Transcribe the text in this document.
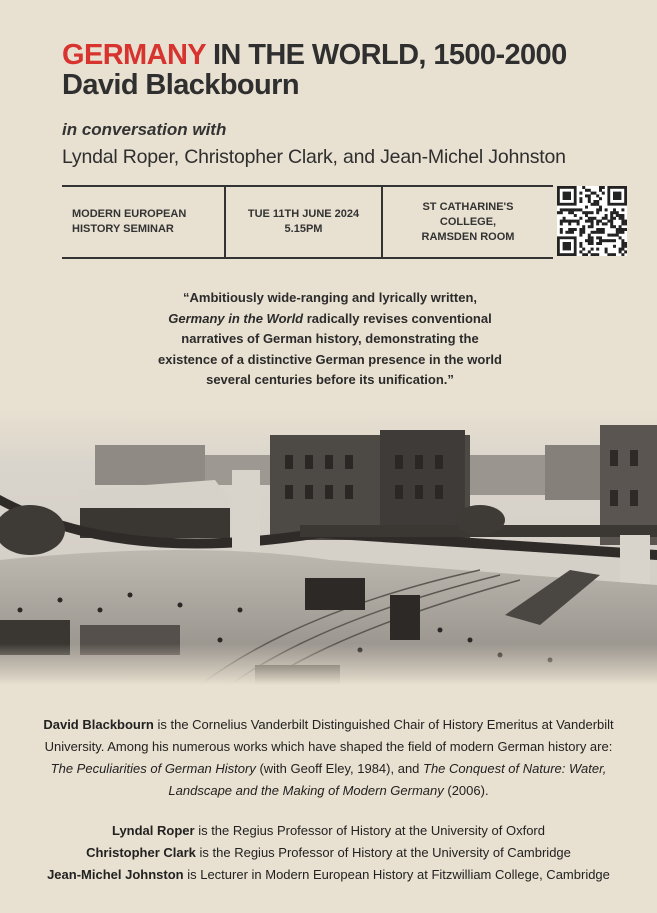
GERMANY IN THE WORLD, 1500-2000
David Blackbourn
in conversation with
Lyndal Roper, Christopher Clark, and Jean-Michel Johnston
MODERN EUROPEAN
HISTORY SEMINAR
TUE 11TH JUNE 2024
5.15PM
ST CATHARINE'S
COLLEGE,
RAMSDEN ROOM
“Ambitiously wide-ranging and lyrically written,
Germany in the World radically revises conventional
narratives of German history, demonstrating the
existence of a distinctive German presence in the world
several centuries before its unification.”

David Blackbourn is the Cornelius Vanderbilt Distinguished Chair of History Emeritus at Vanderbilt University. Among his numerous works which have shaped the field of modern German history are: The Peculiarities of German History (with Geoff Eley, 1984), and The Conquest of Nature: Water, Landscape and the Making of Modern Germany (2006).

Lyndal Roper is the Regius Professor of History at the University of Oxford

Christopher Clark is the Regius Professor of History at the University of Cambridge

Jean-Michel Johnston is Lecturer in Modern European History at Fitzwilliam College, Cambridge
